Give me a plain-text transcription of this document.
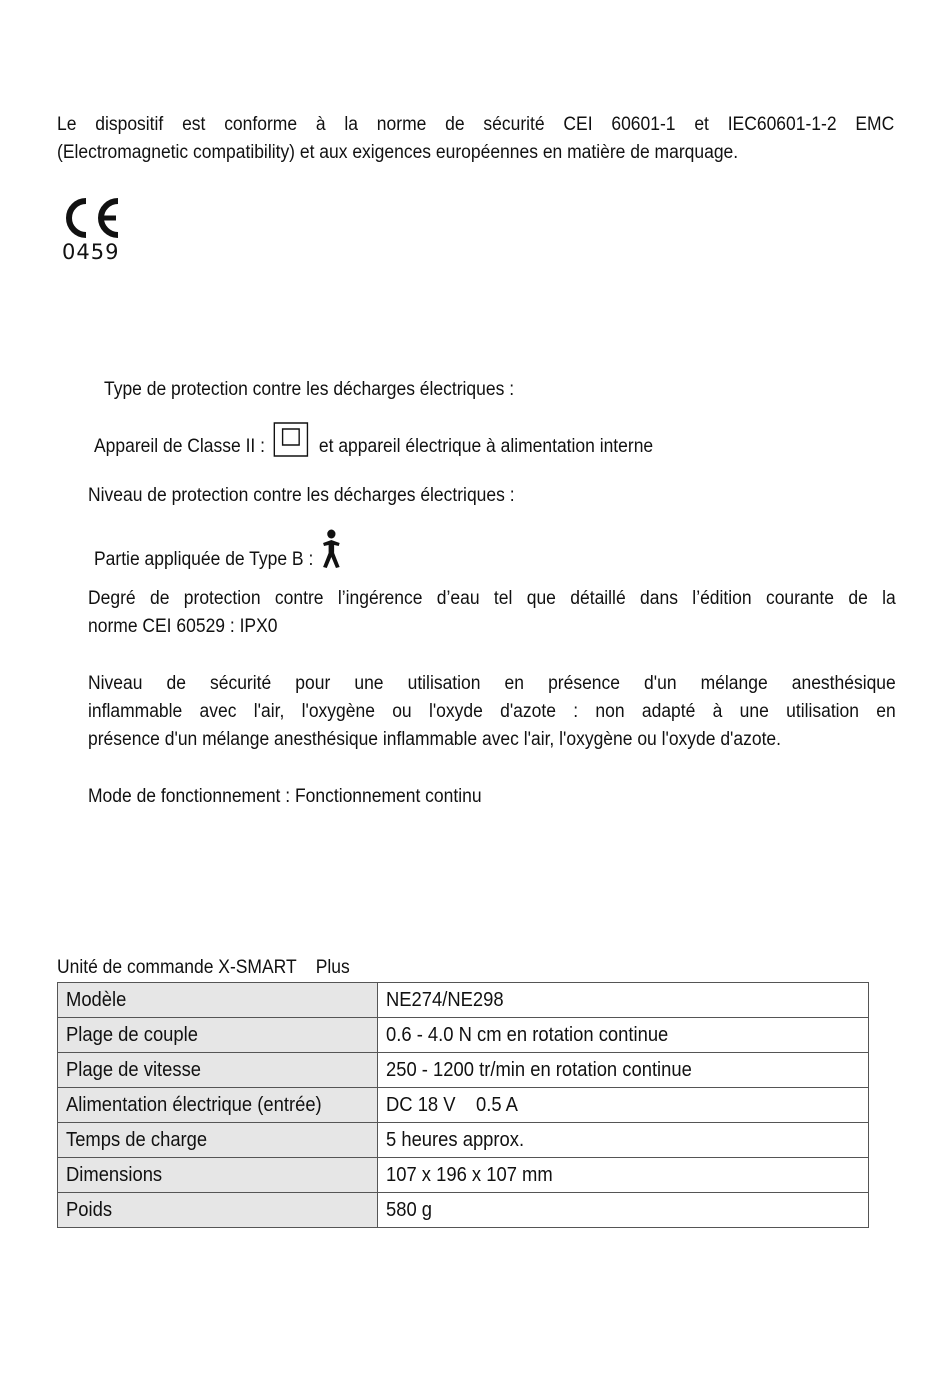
Le dispositif est conforme à la norme de sécurité CEI 60601-1 et IEC60601-1-2 EMC
(Electromagnetic compatibility) et aux exigences européennes en matière de marquage.
0459
Type de protection contre les décharges électriques :
Appareil de Classe II :	et appareil électrique à alimentation interne
Niveau de protection contre les décharges électriques :
Partie appliquée de Type B :
Degré de protection contre l’ingérence d’eau tel que détaillé dans l’édition courante de la
norme CEI 60529 : IPX0
Niveau de sécurité pour une utilisation en présence d'un mélange anesthésique
inflammable avec l'air, l'oxygène ou l'oxyde d'azote : non adapté à une utilisation en
présence d'un mélange anesthésique inflammable avec l'air, l'oxygène ou l'oxyde d'azote.
Mode de fonctionnement : Fonctionnement continu
Unité de commande X-SMART    Plus
Modèle	NE274/NE298
Plage de couple	0.6 - 4.0 N cm en rotation continue
Plage de vitesse	250 - 1200 tr/min en rotation continue
Alimentation électrique (entrée)	DC 18 V    0.5 A
Temps de charge	5 heures approx.
Dimensions	107 x 196 x 107 mm
Poids	580 g
